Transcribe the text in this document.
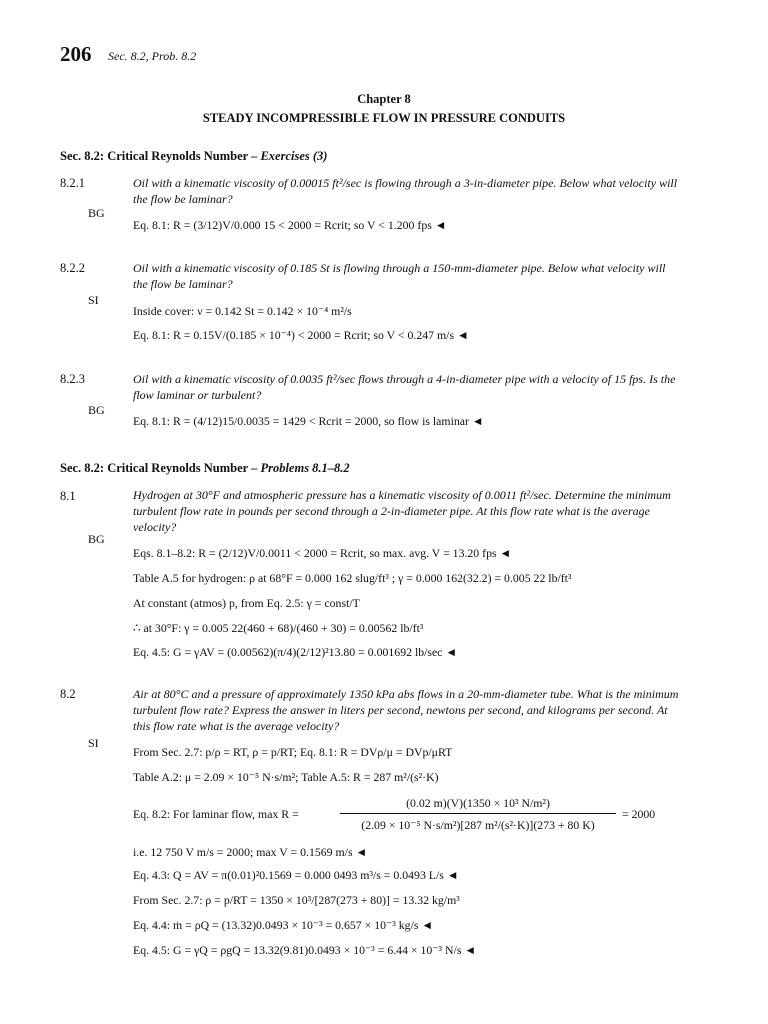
206 Sec. 8.2, Prob. 8.2
Chapter 8
STEADY INCOMPRESSIBLE FLOW IN PRESSURE CONDUITS
Sec. 8.2: Critical Reynolds Number – Exercises (3)
8.2.1	Oil with a kinematic viscosity of 0.00015 ft²/sec is flowing through a 3-in-diameter pipe. Below what velocity will the flow be laminar?
BG
Eq. 8.1: R = (3/12)V/0.000 15 < 2000 = Rcrit; so V < 1.200 fps ◄
8.2.2	Oil with a kinematic viscosity of 0.185 St is flowing through a 150-mm-diameter pipe. Below what velocity will the flow be laminar?
SI
Inside cover: ν = 0.142 St = 0.142 × 10⁻⁴ m²/s
Eq. 8.1: R = 0.15V/(0.185 × 10⁻⁴) < 2000 = Rcrit; so V < 0.247 m/s ◄
8.2.3	Oil with a kinematic viscosity of 0.0035 ft²/sec flows through a 4-in-diameter pipe with a velocity of 15 fps. Is the flow laminar or turbulent?
BG
Eq. 8.1: R = (4/12)15/0.0035 = 1429 < Rcrit = 2000, so flow is laminar ◄
Sec. 8.2: Critical Reynolds Number – Problems 8.1–8.2
8.1	Hydrogen at 30°F and atmospheric pressure has a kinematic viscosity of 0.0011 ft²/sec. Determine the minimum turbulent flow rate in pounds per second through a 2-in-diameter pipe. At this flow rate what is the average velocity?
BG
Eqs. 8.1–8.2: R = (2/12)V/0.0011 < 2000 = Rcrit, so max. avg. V = 13.20 fps ◄
Table A.5 for hydrogen: ρ at 68°F = 0.000 162 slug/ft³ ; γ = 0.000 162(32.2) = 0.005 22 lb/ft³
At constant (atmos) p, from Eq. 2.5: γ = const/T
∴ at 30°F: γ = 0.005 22(460 + 68)/(460 + 30) = 0.00562 lb/ft³
Eq. 4.5: G = γAV = (0.00562)(π/4)(2/12)²13.80 = 0.001692 lb/sec ◄
8.2	Air at 80°C and a pressure of approximately 1350 kPa abs flows in a 20-mm-diameter tube. What is the minimum turbulent flow rate? Express the answer in liters per second, newtons per second, and kilograms per second. At this flow rate what is the average velocity?
SI
From Sec. 2.7: p/ρ = RT, ρ = p/RT; Eq. 8.1: R = DVρ/μ = DVp/μRT
Table A.2: μ = 2.09 × 10⁻⁵ N·s/m²; Table A.5: R = 287 m²/(s²·K)
Eq. 8.2: For laminar flow, max R =
(0.02 m)(V)(1350 × 10³ N/m²)
(2.09 × 10⁻⁵ N·s/m²)[287 m²/(s²·K)](273 + 80 K)
= 2000
i.e. 12 750 V m/s = 2000; max V = 0.1569 m/s ◄
Eq. 4.3: Q = AV = π(0.01)²0.1569 = 0.000 0493 m³/s = 0.0493 L/s ◄
From Sec. 2.7: ρ = p/RT = 1350 × 10³/[287(273 + 80)] = 13.32 kg/m³
Eq. 4.4: ṁ = ρQ = (13.32)0.0493 × 10⁻³ = 0.657 × 10⁻³ kg/s ◄
Eq. 4.5: G = γQ = ρgQ = 13.32(9.81)0.0493 × 10⁻³ = 6.44 × 10⁻³ N/s ◄
